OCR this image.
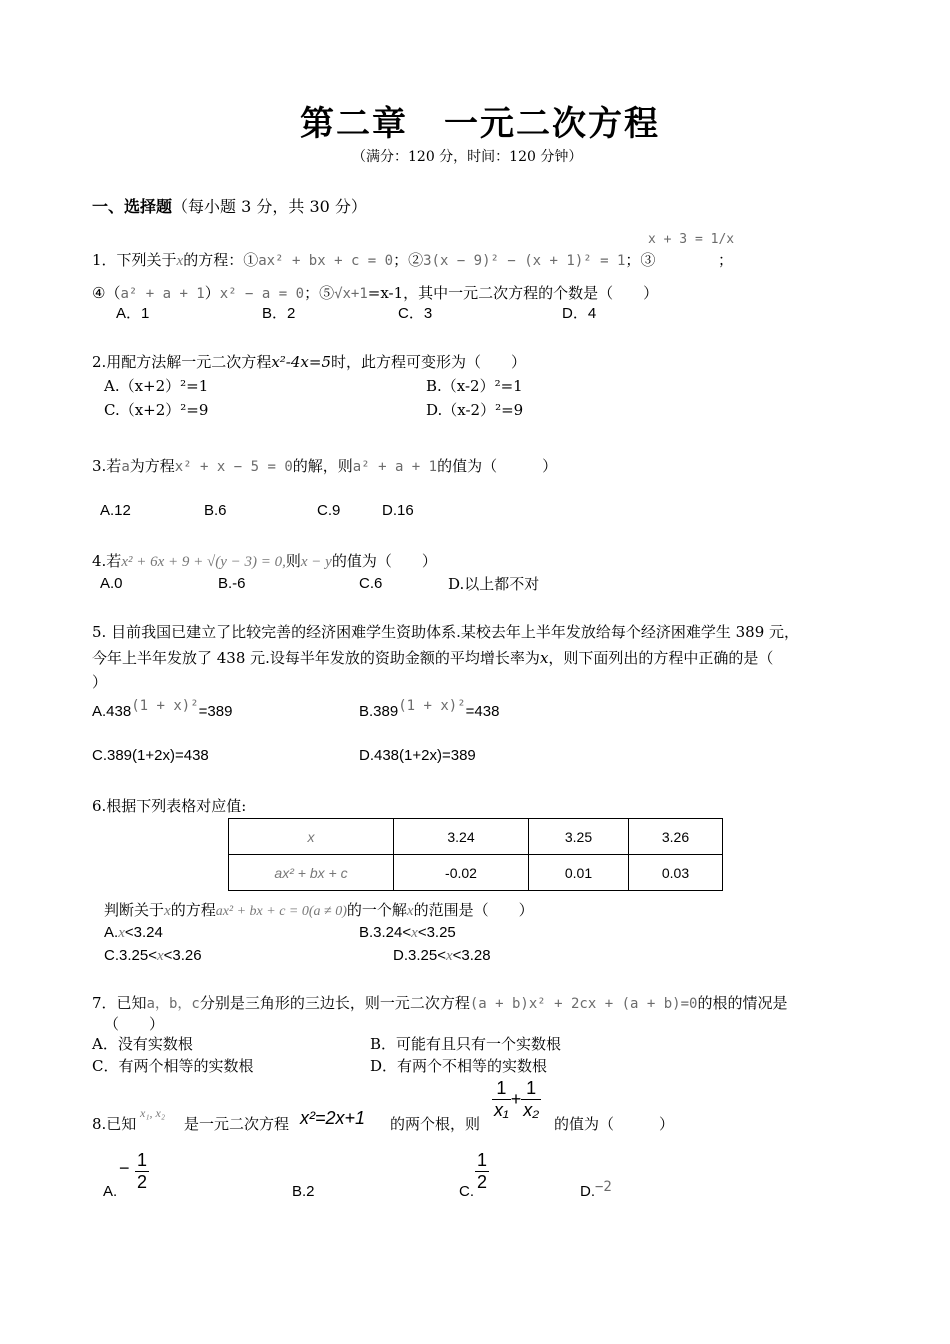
第二章　一元二次方程
（满分：120 分，时间：120 分钟）
一、选择题（每小题 3 分，共 30 分）
1．下列关于x的方程：①ax² + bx + c = 0；②3(x − 9)² − (x + 1)² = 1；③
x + 3 = 1/x
；
④（a² + a + 1）x² − a = 0；⑤√x+1=x-1，其中一元二次方程的个数是（　　）
A．1	B．2	C．3	D．4
2.用配方法解一元二次方程x²-4x=5时，此方程可变形为（　　）
A.（x+2）²=1	B.（x-2）²=1
C.（x+2）²=9	D.（x-2）²=9
3.若a为方程x² + x − 5 = 0的解，则a² + a + 1的值为（　　　）
A.12	B.6	C.9	D.16
4.若x² + 6x + 9 + √(y − 3) = 0,则x − y的值为（　　）
A.0	B.-6	C.6	D.以上都不对
5. 目前我国已建立了比较完善的经济困难学生资助体系.某校去年上半年发放给每个经济困难学生 389 元，
今年上半年发放了 438 元.设每半年发放的资助金额的平均增长率为x，则下面列出的方程中正确的是（
）
A.438(1 + x)²=389	B.389(1 + x)²=438
C.389(1+2x)=438	D.438(1+2x)=389
6.根据下列表格对应值:
x	3.24	3.25	3.26
ax² + bx + c	-0.02	0.01	0.03
判断关于x的方程ax² + bx + c = 0(a ≠ 0)的一个解x的范围是（　　）
A.x<3.24	B.3.24<x<3.25
C.3.25<x<3.26	D.3.25<x<3.28
7．已知a，b，c分别是三角形的三边长，则一元二次方程(a + b)x² + 2cx + (a + b)=0的根的情况是
（　　）
A．没有实数根	B．可能有且只有一个实数根
C．有两个相等的实数根	D．有两个不相等的实数根
8.已知
x₁, x₂
是一元二次方程 x²=2x+1 的两个根，则
$\frac{1}{\text{x₁}} + \frac{1}{\text{x₂}}$
的值为（　　　）
A.
− $\frac{1}{2}$	B.2	C. $\frac{1}{2}$	D.−2
